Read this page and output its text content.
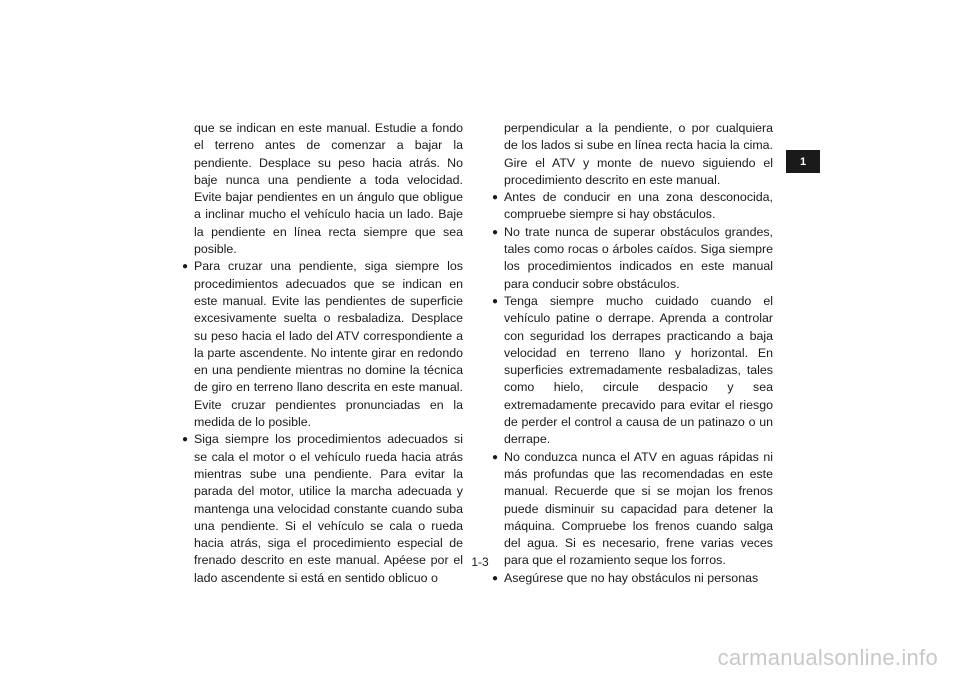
que se indican en este manual. Estudie a fondo el terreno antes de comenzar a bajar la pendiente. Desplace su peso hacia atrás. No baje nunca una pendiente a toda velocidad. Evite bajar pendientes en un ángulo que obligue a inclinar mucho el vehículo hacia un lado. Baje la pendiente en línea recta siempre que sea posible.

● Para cruzar una pendiente, siga siempre los procedimientos adecuados que se indican en este manual. Evite las pendientes de superficie excesivamente suelta o resbaladiza. Desplace su peso hacia el lado del ATV correspondiente a la parte ascendente. No intente girar en redondo en una pendiente mientras no domine la técnica de giro en terreno llano descrita en este manual. Evite cruzar pendientes pronunciadas en la medida de lo posible.

● Siga siempre los procedimientos adecuados si se cala el motor o el vehículo rueda hacia atrás mientras sube una pendiente. Para evitar la parada del motor, utilice la marcha adecuada y mantenga una velocidad constante cuando suba una pendiente. Si el vehículo se cala o rueda hacia atrás, siga el procedimiento especial de frenado descrito en este manual. Apéese por el lado ascendente si está en sentido oblicuo o

perpendicular a la pendiente, o por cualquiera de los lados si sube en línea recta hacia la cima. Gire el ATV y monte de nuevo siguiendo el procedimiento descrito en este manual.

● Antes de conducir en una zona desconocida, compruebe siempre si hay obstáculos.

● No trate nunca de superar obstáculos grandes, tales como rocas o árboles caídos. Siga siempre los procedimientos indicados en este manual para conducir sobre obstáculos.

● Tenga siempre mucho cuidado cuando el vehículo patine o derrape. Aprenda a controlar con seguridad los derrapes practicando a baja velocidad en terreno llano y horizontal. En superficies extremadamente resbaladizas, tales como hielo, circule despacio y sea extremadamente precavido para evitar el riesgo de perder el control a causa de un patinazo o un derrape.

● No conduzca nunca el ATV en aguas rápidas ni más profundas que las recomendadas en este manual. Recuerde que si se mojan los frenos puede disminuir su capacidad para detener la máquina. Compruebe los frenos cuando salga del agua. Si es necesario, frene varias veces para que el rozamiento seque los forros.

● Asegúrese que no hay obstáculos ni personas

1
1-3
carmanualsonline.info
